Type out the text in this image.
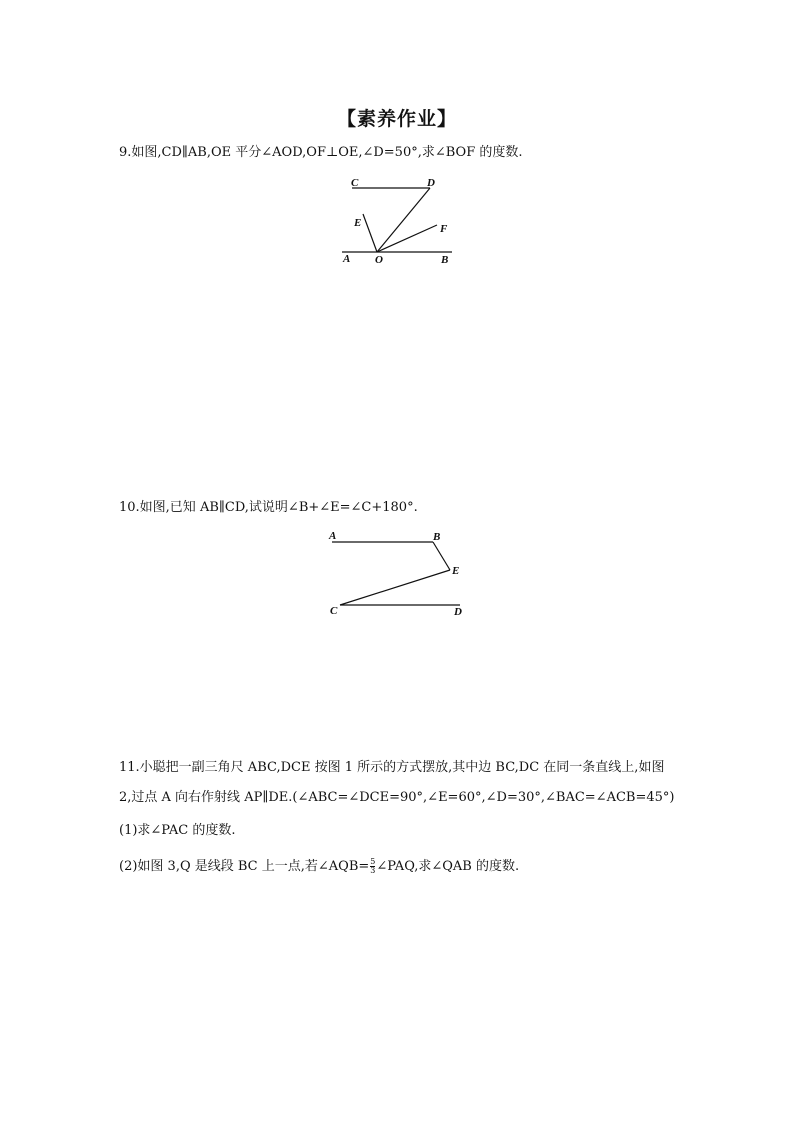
【素养作业】
9.如图,CD∥AB,OE 平分∠AOD,OF⊥OE,∠D=50°,求∠BOF 的度数.
C	D
E	F
A O	B
10.如图,已知 AB∥CD,试说明∠B+∠E=∠C+180°.
A	B
E
C	D
11.小聪把一副三角尺 ABC,DCE 按图 1 所示的方式摆放,其中边 BC,DC 在同一条直线上,如图
2,过点 A 向右作射线 AP∥DE.(∠ABC=∠DCE=90°,∠E=60°,∠D=30°,∠BAC=∠ACB=45°)
(1)求∠PAC 的度数.
(2)如图 3,Q 是线段 BC 上一点,若∠AQB= $\frac{5}{3}$ ∠PAQ,求∠QAB 的度数.
